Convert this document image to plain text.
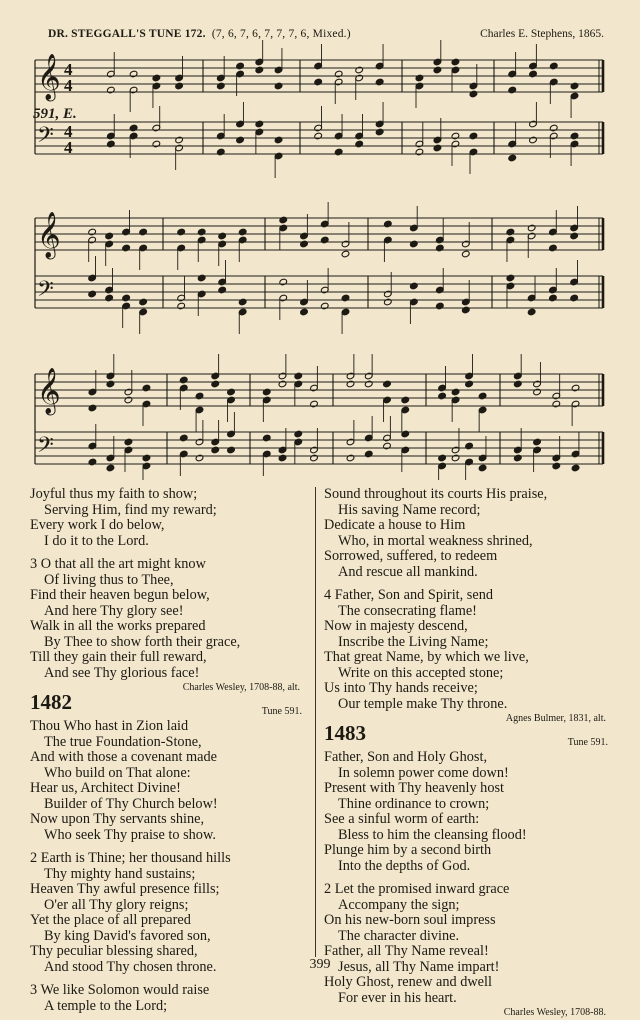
DR. STEGGALL'S TUNE 172. (7, 6, 7, 6, 7, 7, 7, 6, Mixed.)	Charles E. Stephens, 1865.
591, E.
𝄞 4
4
𝄢 4
4
𝄞
𝄢
𝄞
𝄢
Joyful thus my faith to show;
Serving Him, find my reward;
Every work I do below,
I do it to the Lord.
3 O that all the art might know
Of living thus to Thee,
Find their heaven begun below,
And here Thy glory see!
Walk in all the works prepared
By Thee to show forth their grace,
Till they gain their full reward,
And see Thy glorious face!
Charles Wesley, 1708-88, alt.
1482	Tune 591.
Thou Who hast in Zion laid
The true Foundation-Stone,
And with those a covenant made
Who build on That alone:
Hear us, Architect Divine!
Builder of Thy Church below!
Now upon Thy servants shine,
Who seek Thy praise to show.
2 Earth is Thine; her thousand hills
Thy mighty hand sustains;
Heaven Thy awful presence fills;
O'er all Thy glory reigns;
Yet the place of all prepared
By king David's favored son,
Thy peculiar blessing shared,
And stood Thy chosen throne.
3 We like Solomon would raise
A temple to the Lord;
Sound throughout its courts His praise,
His saving Name record;
Dedicate a house to Him
Who, in mortal weakness shrined,
Sorrowed, suffered, to redeem
And rescue all mankind.
4 Father, Son and Spirit, send
The consecrating flame!
Now in majesty descend,
Inscribe the Living Name;
That great Name, by which we live,
Write on this accepted stone;
Us into Thy hands receive;
Our temple make Thy throne.
Agnes Bulmer, 1831, alt.
1483	Tune 591.
Father, Son and Holy Ghost,
In solemn power come down!
Present with Thy heavenly host
Thine ordinance to crown;
See a sinful worm of earth:
Bless to him the cleansing flood!
Plunge him by a second birth
Into the depths of God.
2 Let the promised inward grace
Accompany the sign;
On his new-born soul impress
The character divine.
Father, all Thy Name reveal!
Jesus, all Thy Name impart!
Holy Ghost, renew and dwell
For ever in his heart.
Charles Wesley, 1708-88.
399
